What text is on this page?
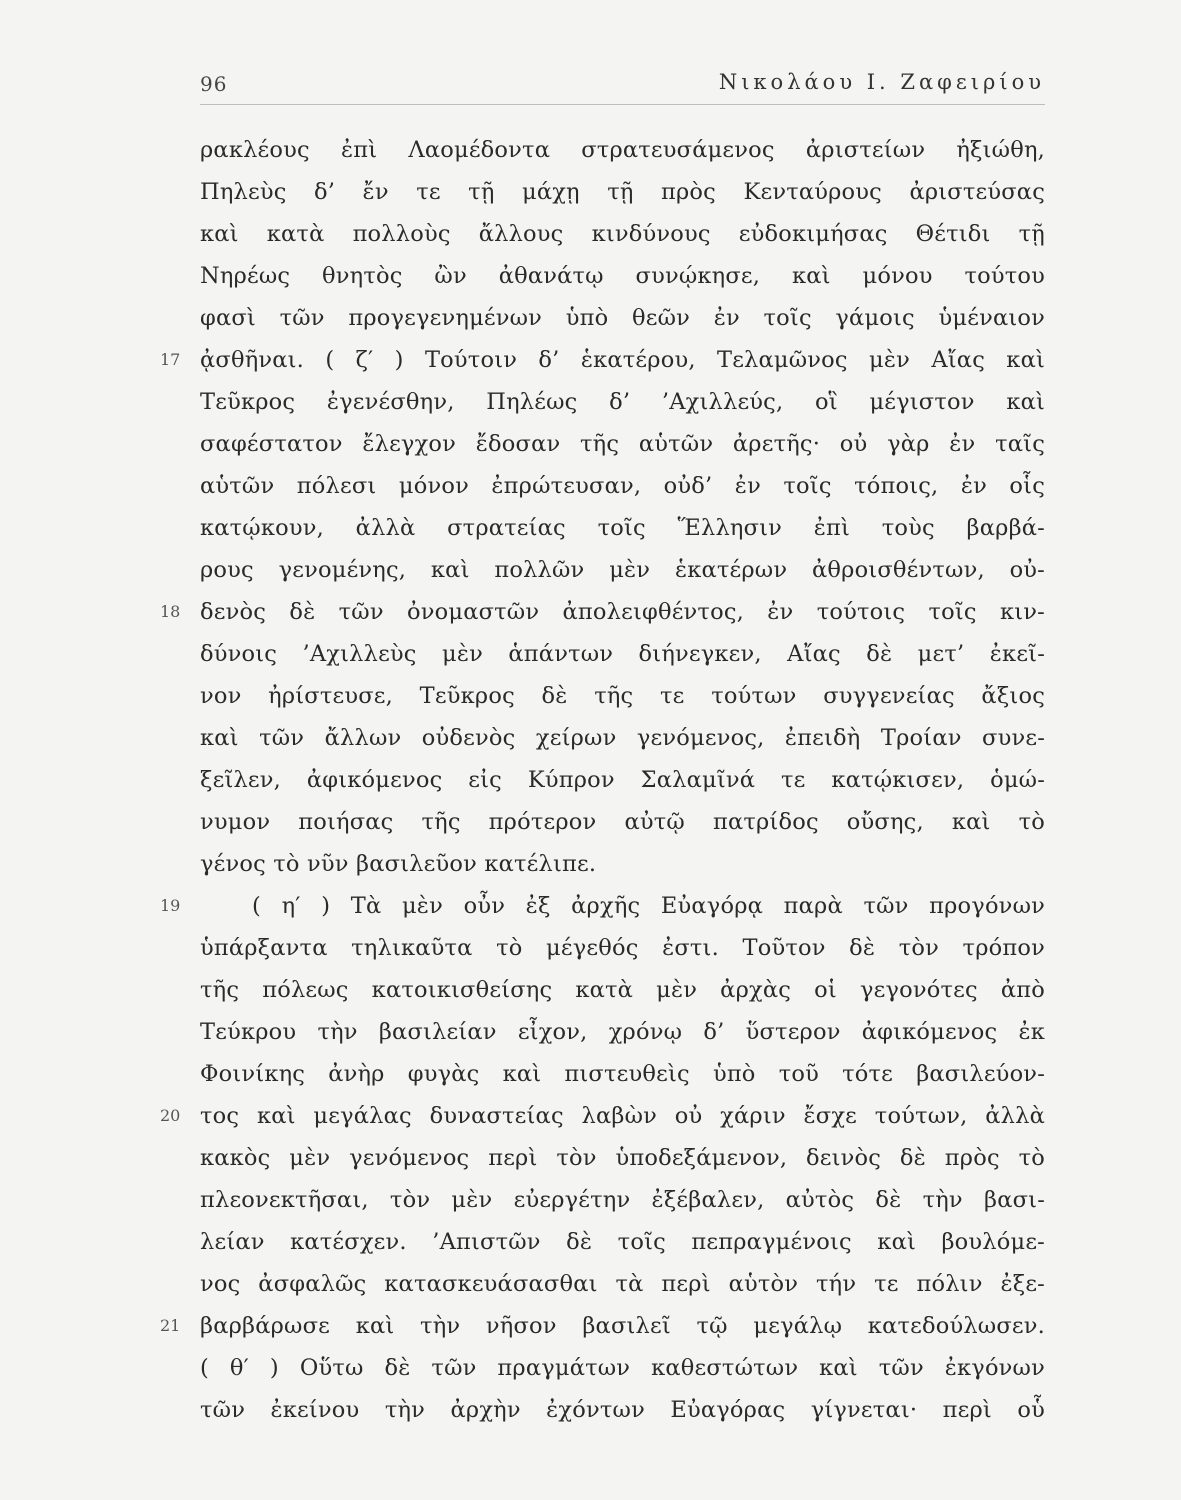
96	Νικολάου Ι. Ζαφειρίου
ρακλέους ἐπὶ Λαομέδοντα στρατευσάμενος ἀριστείων ἠξιώθη,
Πηλεὺς δ’ ἔν τε τῇ μάχῃ τῇ πρὸς Κενταύρους ἀριστεύσας
καὶ κατὰ πολλοὺς ἄλλους κινδύνους εὐδοκιμήσας Θέτιδι τῇ
Νηρέως θνητὸς ὢν ἀθανάτῳ συνῴκησε, καὶ μόνου τούτου
φασὶ τῶν προγεγενημένων ὑπὸ θεῶν ἐν τοῖς γάμοις ὑμέναιον
ᾀσθῆναι. ( ζ′ ) Τούτοιν δ’ ἑκατέρου, Τελαμῶνος μὲν Αἴας καὶ
Τεῦκρος ἐγενέσθην, Πηλέως δ’ ’Αχιλλεύς, οἳ μέγιστον καὶ
σαφέστατον ἔλεγχον ἔδοσαν τῆς αὑτῶν ἀρετῆς· οὐ γὰρ ἐν ταῖς
αὑτῶν πόλεσι μόνον ἐπρώτευσαν, οὐδ’ ἐν τοῖς τόποις, ἐν οἷς
κατῴκουν, ἀλλὰ στρατείας τοῖς Ἕλλησιν ἐπὶ τοὺς βαρβά-
ρους γενομένης, καὶ πολλῶν μὲν ἑκατέρων ἀθροισθέντων, οὐ-
δενὸς δὲ τῶν ὀνομαστῶν ἀπολειφθέντος, ἐν τούτοις τοῖς κιν-
δύνοις ’Αχιλλεὺς μὲν ἁπάντων διήνεγκεν, Αἴας δὲ μετ’ ἐκεῖ-
νον ἠρίστευσε, Τεῦκρος δὲ τῆς τε τούτων συγγενείας ἄξιος
καὶ τῶν ἄλλων οὐδενὸς χείρων γενόμενος, ἐπειδὴ Τροίαν συνε-
ξεῖλεν, ἀφικόμενος εἰς Κύπρον Σαλαμῖνά τε κατῴκισεν, ὁμώ-
νυμον ποιήσας τῆς πρότερον αὐτῷ πατρίδος οὔσης, καὶ τὸ
γένος τὸ νῦν βασιλεῦον κατέλιπε.
( η′ ) Τὰ μὲν οὖν ἐξ ἀρχῆς Εὐαγόρᾳ παρὰ τῶν προγόνων
ὑπάρξαντα τηλικαῦτα τὸ μέγεθός ἐστι. Τοῦτον δὲ τὸν τρόπον
τῆς πόλεως κατοικισθείσης κατὰ μὲν ἀρχὰς οἱ γεγονότες ἀπὸ
Τεύκρου τὴν βασιλείαν εἶχον, χρόνῳ δ’ ὕστερον ἀφικόμενος ἐκ
Φοινίκης ἀνὴρ φυγὰς καὶ πιστευθεὶς ὑπὸ τοῦ τότε βασιλεύον-
τος καὶ μεγάλας δυναστείας λαβὼν οὐ χάριν ἔσχε τούτων, ἀλλὰ
κακὸς μὲν γενόμενος περὶ τὸν ὑποδεξάμενον, δεινὸς δὲ πρὸς τὸ
πλεονεκτῆσαι, τὸν μὲν εὐεργέτην ἐξέβαλεν, αὐτὸς δὲ τὴν βασι-
λείαν κατέσχεν. ’Απιστῶν δὲ τοῖς πεπραγμένοις καὶ βουλόμε-
νος ἀσφαλῶς κατασκευάσασθαι τὰ περὶ αὑτὸν τήν τε πόλιν ἐξε-
βαρβάρωσε καὶ τὴν νῆσον βασιλεῖ τῷ μεγάλῳ κατεδούλωσεν.
( θ′ ) Οὕτω δὲ τῶν πραγμάτων καθεστώτων καὶ τῶν ἐκγόνων
τῶν ἐκείνου τὴν ἀρχὴν ἐχόντων Εὐαγόρας γίγνεται· περὶ οὗ
17
18
19
20
21
